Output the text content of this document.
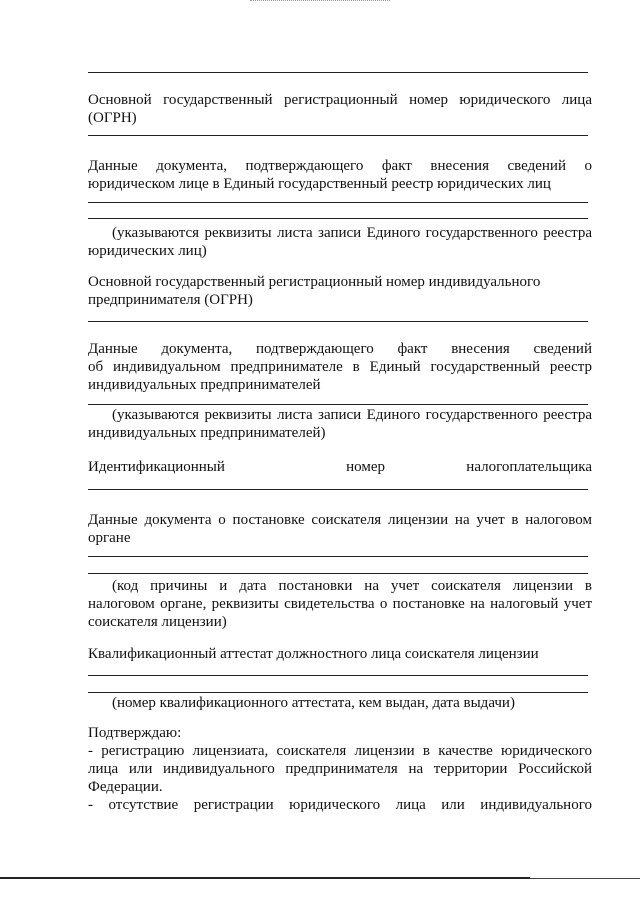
Основной государственный регистрационный номер юридического лица
(ОГРН)
Данные документа, подтверждающего факт внесения сведений о
юридическом лице в Единый государственный реестр юридических лиц
(указываются реквизиты листа записи Единого государственного реестра
юридических лиц)
Основной государственный регистрационный номер индивидуального
предпринимателя (ОГРН)
Данные документа, подтверждающего факт внесения сведений
об индивидуальном предпринимателе в Единый государственный реестр
индивидуальных предпринимателей
(указываются реквизиты листа записи Единого государственного реестра
индивидуальных предпринимателей)
Идентификационный	номер	налогоплательщика
Данные документа о постановке соискателя лицензии на учет в налоговом
органе
(код причины и дата постановки на учет соискателя лицензии в
налоговом органе, реквизиты свидетельства о постановке на налоговый учет
соискателя лицензии)
Квалификационный аттестат должностного лица соискателя лицензии
(номер квалификационного аттестата, кем выдан, дата выдачи)
Подтверждаю:
- регистрацию лицензиата, соискателя лицензии в качестве юридического
лица или индивидуального предпринимателя на территории Российской
Федерации.
- отсутствие регистрации юридического лица или индивидуального
